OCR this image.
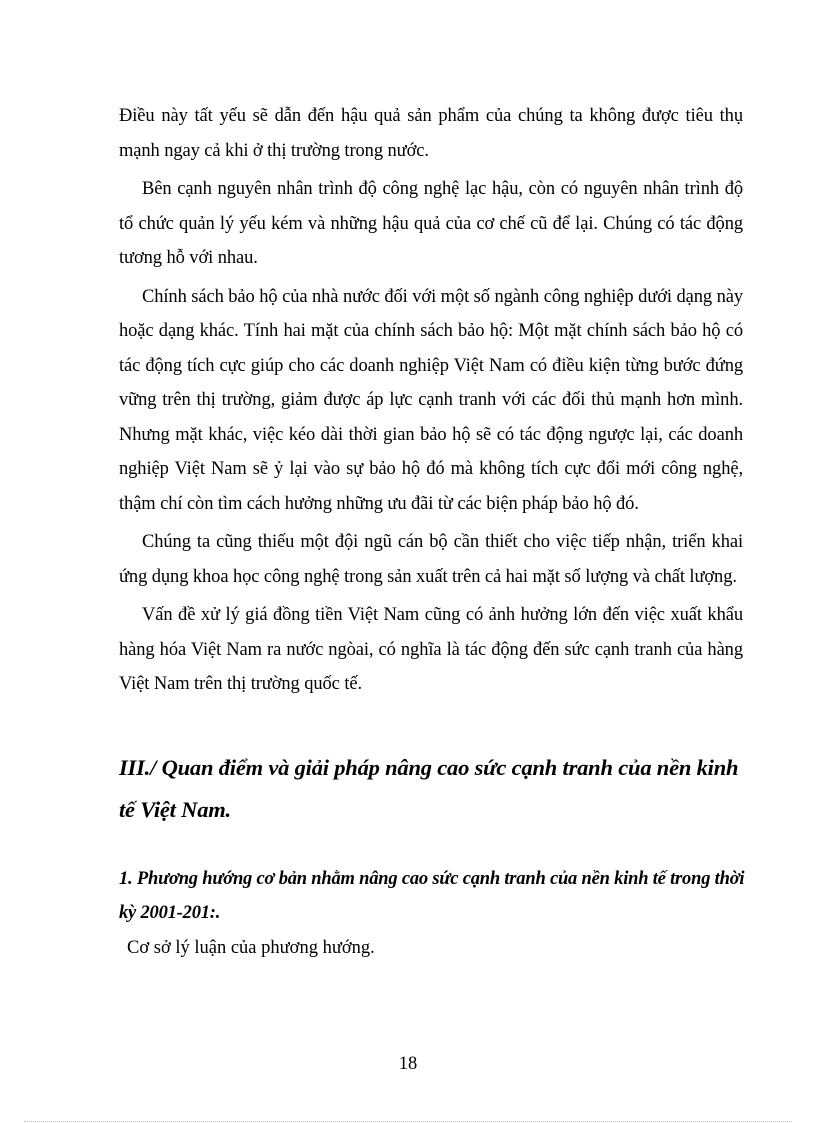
Điều này tất yếu sẽ dẫn đến hậu quả sản phẩm của chúng ta không được tiêu thụ mạnh ngay cả khi ở thị trường trong nước.

Bên cạnh nguyên nhân trình độ công nghệ lạc hậu, còn có nguyên nhân trình độ tổ chức quản lý yếu kém và những hậu quả của cơ chế cũ để lại. Chúng có tác động tương hỗ với nhau.

Chính sách bảo hộ của nhà nước đối với một số ngành công nghiệp dưới dạng này hoặc dạng khác. Tính hai mặt của chính sách bảo hộ: Một mặt chính sách bảo hộ có tác động tích cực giúp cho các doanh nghiệp Việt Nam có điều kiện từng bước đứng vững trên thị trường, giảm được áp lực cạnh tranh với các đối thủ mạnh hơn mình. Nhưng mặt khác, việc kéo dài thời gian bảo hộ sẽ có tác động ngược lại, các doanh nghiệp Việt Nam sẽ ỷ lại vào sự bảo hộ đó mà không tích cực đổi mới công nghệ, thậm chí còn tìm cách hưởng những ưu đãi từ các biện pháp bảo hộ đó.

Chúng ta cũng thiếu một đội ngũ cán bộ cần thiết cho việc tiếp nhận, triển khai ứng dụng khoa học công nghệ trong sản xuất trên cả hai mặt số lượng và chất lượng.

Vấn đề xử lý giá đồng tiền Việt Nam cũng có ảnh hưởng lớn đến việc xuất khẩu hàng hóa Việt Nam ra nước ngòai, có nghĩa là tác động đến sức cạnh tranh của hàng Việt Nam trên thị trường quốc tế.

III./ Quan điểm và giải pháp nâng cao sức cạnh tranh của nền kinh tế Việt Nam.
1. Phương hướng cơ bản nhằm nâng cao sức cạnh tranh của nền kinh tế trong thời kỳ 2001-201:.

Cơ sở lý luận của phương hướng.

18
